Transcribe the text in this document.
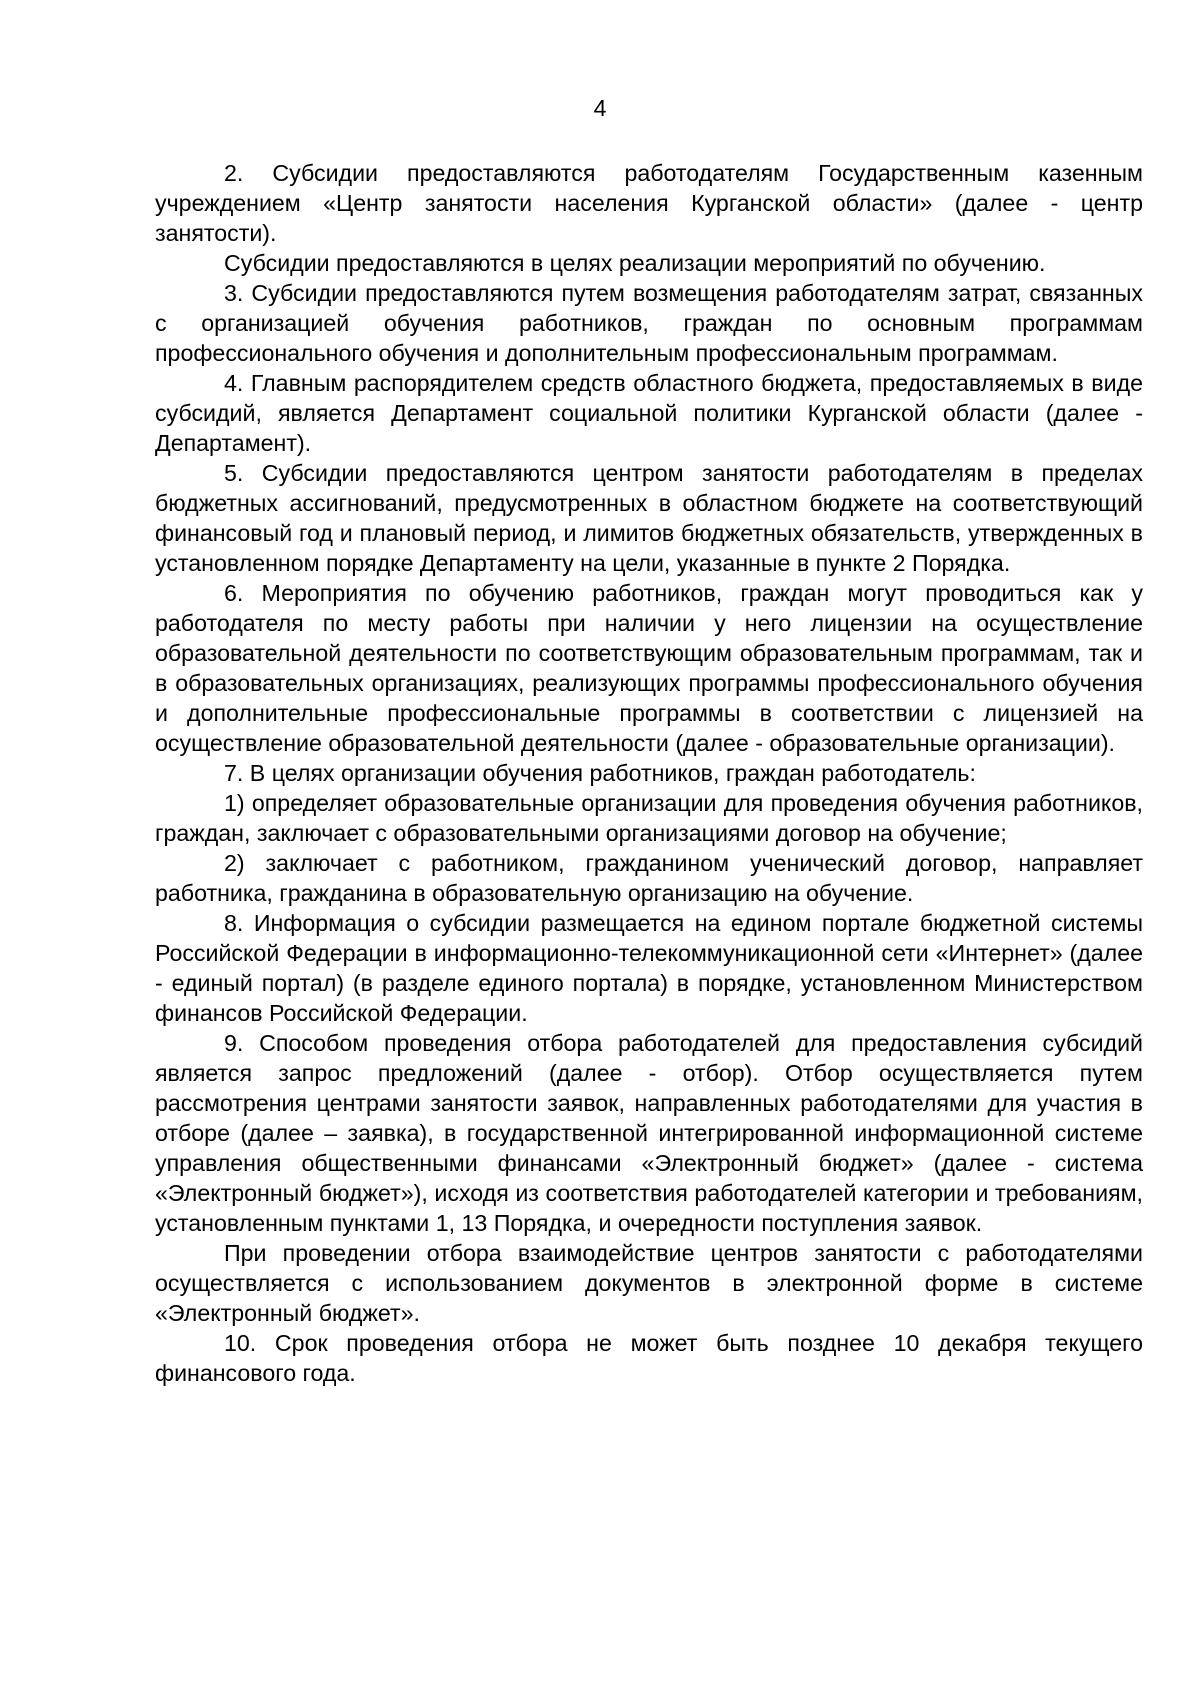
4

2. Субсидии предоставляются работодателям Государственным казенным учреждением «Центр занятости населения Курганской области» (далее - центр занятости).

Субсидии предоставляются в целях реализации мероприятий по обучению.

3. Субсидии предоставляются путем возмещения работодателям затрат, связанных с организацией обучения работников, граждан по основным программам профессионального обучения и дополнительным профессиональным программам.

4. Главным распорядителем средств областного бюджета, предоставляемых в виде субсидий, является Департамент социальной политики Курганской области (далее - Департамент).

5. Субсидии предоставляются центром занятости работодателям в пределах бюджетных ассигнований, предусмотренных в областном бюджете на соответствующий финансовый год и плановый период, и лимитов бюджетных обязательств, утвержденных в установленном порядке Департаменту на цели, указанные в пункте 2 Порядка.

6. Мероприятия по обучению работников, граждан могут проводиться как у работодателя по месту работы при наличии у него лицензии на осуществление образовательной деятельности по соответствующим образовательным программам, так и в образовательных организациях, реализующих программы профессионального обучения и дополнительные профессиональные программы в соответствии с лицензией на осуществление образовательной деятельности (далее - образовательные организации).

7. В целях организации обучения работников, граждан работодатель:

1) определяет образовательные организации для проведения обучения работников, граждан, заключает с образовательными организациями договор на обучение;

2) заключает с работником, гражданином ученический договор, направляет работника, гражданина в образовательную организацию на обучение.

8. Информация о субсидии размещается на едином портале бюджетной системы Российской Федерации в информационно-телекоммуникационной сети «Интернет» (далее - единый портал) (в разделе единого портала) в порядке, установленном Министерством финансов Российской Федерации.

9. Способом проведения отбора работодателей для предоставления субсидий является запрос предложений (далее - отбор). Отбор осуществляется путем рассмотрения центрами занятости заявок, направленных работодателями для участия в отборе (далее – заявка), в государственной интегрированной информационной системе управления общественными финансами «Электронный бюджет» (далее - система «Электронный бюджет»), исходя из соответствия работодателей категории и требованиям, установленным пунктами 1, 13 Порядка, и очередности поступления заявок.

При проведении отбора взаимодействие центров занятости с работодателями осуществляется с использованием документов в электронной форме в системе «Электронный бюджет».

10. Срок проведения отбора не может быть позднее 10 декабря текущего финансового года.
